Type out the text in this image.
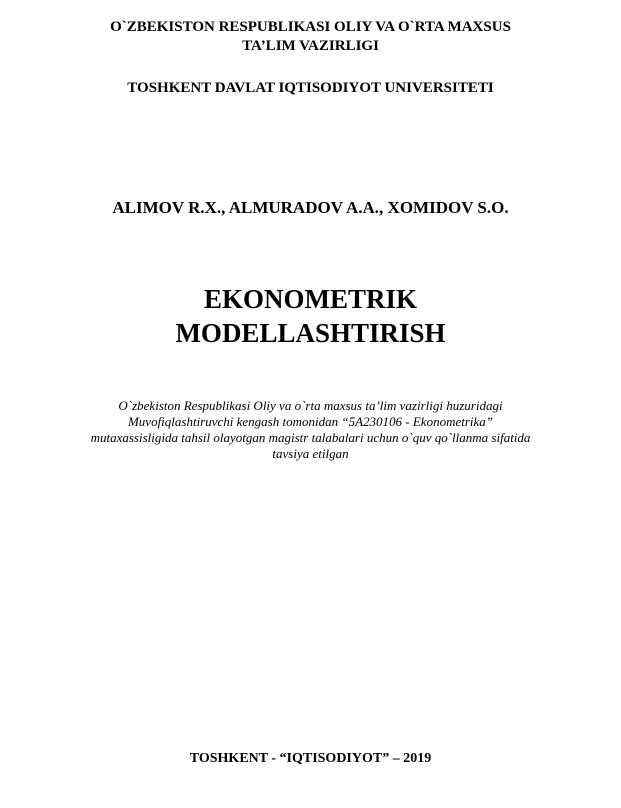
O`ZBEKISTON RESPUBLIKASI OLIY VA O`RTA MAXSUS
TA’LIM VAZIRLIGI
TOSHKENT DAVLAT IQTISODIYOT UNIVERSITETI
ALIMOV R.X., ALMURADOV A.A., XOMIDOV S.O.
EKONOMETRIK
MODELLASHTIRISH
O`zbekiston Respublikasi Oliy va o`rta maxsus ta’lim vazirligi huzuridagi
Muvofiqlashtiruvchi kengash tomonidan “5A230106 - Ekonometrika”
mutaxassisligida tahsil olayotgan magistr talabalari uchun o`quv qo`llanma sifatida
tavsiya etilgan
TOSHKENT - “IQTISODIYOT” – 2019
